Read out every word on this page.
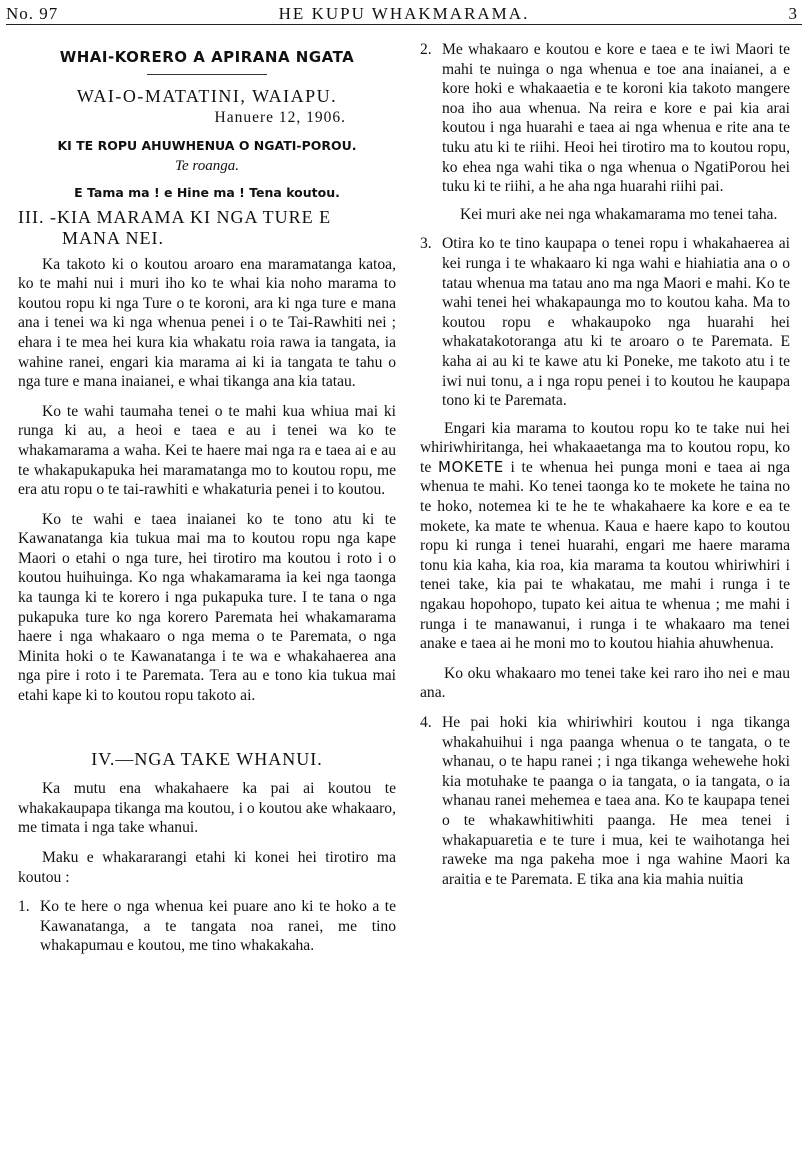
No. 97	HE KUPU WHAKMARAMA.	3
WHAI-KORERO A APIRANA NGATA
WAI-O-MATATINI, WAIAPU.
Hanuere 12, 1906.
KI TE ROPU AHUWHENUA O NGATI-POROU.
Te roanga.
E Tama ma ! e Hine ma ! Tena koutou.
III. -KIA MARAMA KI NGA TURE E
MANA NEI.

Ka takoto ki o koutou aroaro ena maramatanga katoa, ko te mahi nui i muri iho ko te whai kia noho marama to koutou ropu ki nga Ture o te koroni, ara ki nga ture e mana ana i tenei wa ki nga whenua penei i o te Tai-Rawhiti nei ; ehara i te mea hei kura kia whakatu roia rawa ia tangata, ia wahine ranei, engari kia marama ai ki ia tangata te tahu o nga ture e mana inaianei, e whai tikanga ana kia tatau.

Ko te wahi taumaha tenei o te mahi kua whiua mai ki runga ki au, a heoi e taea e au i tenei wa ko te whakamarama a waha. Kei te haere mai nga ra e taea ai e au te whakapukapuka hei maramatanga mo to koutou ropu, me era atu ropu o te tai-rawhiti e whakaturia penei i to koutou.

Ko te wahi e taea inaianei ko te tono atu ki te Kawanatanga kia tukua mai ma to koutou ropu nga kape Maori o etahi o nga ture, hei tirotiro ma koutou i roto i o koutou huihuinga. Ko nga whakamarama ia kei nga taonga ka taunga ki te korero i nga pukapuka ture. I te tana o nga pukapuka ture ko nga korero Paremata hei whakamarama haere i nga whakaaro o nga mema o te Paremata, o nga Minita hoki o te Kawanatanga i te wa e whakahaerea ana nga pire i roto i te Paremata. Tera au e tono kia tukua mai etahi kape ki to koutou ropu takoto ai.

IV.—NGA TAKE WHANUI.

Ka mutu ena whakahaere ka pai ai koutou te whakakaupapa tikanga ma koutou, i o koutou ake whakaaro, me timata i nga take whanui.

Maku e whakararangi etahi ki konei hei tirotiro ma koutou :

1. Ko te here o nga whenua kei puare ano ki te hoko a te Kawanatanga, a te tangata noa ranei, me tino whakapumau e koutou, me tino whakakaha.
2. Me whakaaro e koutou e kore e taea e te iwi Maori te mahi te nuinga o nga whenua e toe ana inaianei, a e kore hoki e whakaaetia e te koroni kia takoto mangere noa iho aua whenua. Na reira e kore e pai kia arai koutou i nga huarahi e taea ai nga whenua e rite ana te tuku atu ki te riihi. Heoi hei tirotiro ma to koutou ropu, ko ehea nga wahi tika o nga whenua o NgatiPorou hei tuku ki te riihi, a he aha nga huarahi riihi pai.

Kei muri ake nei nga whakamarama mo tenei taha.

3. Otira ko te tino kaupapa o tenei ropu i whakahaerea ai kei runga i te whakaaro ki nga wahi e hiahiatia ana o o tatau whenua ma tatau ano ma nga Maori e mahi. Ko te wahi tenei hei whakapaunga mo to koutou kaha. Ma to koutou ropu e whakaupoko nga huarahi hei whakatakotoranga atu ki te aroaro o te Paremata. E kaha ai au ki te kawe atu ki Poneke, me takoto atu i te iwi nui tonu, a i nga ropu penei i to koutou he kaupapa tono ki te Paremata.

Engari kia marama to koutou ropu ko te take nui hei whiriwhiritanga, hei whakaaetanga ma to koutou ropu, ko te MOKETE i te whenua hei punga moni e taea ai nga whenua te mahi. Ko tenei taonga ko te mokete he taina no te hoko, notemea ki te he te whakahaere ka kore e ea te mokete, ka mate te whenua. Kaua e haere kapo to koutou ropu ki runga i tenei huarahi, engari me haere marama tonu kia kaha, kia roa, kia marama ta koutou whiriwhiri i tenei take, kia pai te whakatau, me mahi i runga i te ngakau hopohopo, tupato kei aitua te whenua ; me mahi i runga i te manawanui, i runga i te whakaaro ma tenei anake e taea ai he moni mo to koutou hiahia ahuwhenua.

Ko oku whakaaro mo tenei take kei raro iho nei e mau ana.

4. He pai hoki kia whiriwhiri koutou i nga tikanga whakahuihui i nga paanga whenua o te tangata, o te whanau, o te hapu ranei ; i nga tikanga wehewehe hoki kia motuhake te paanga o ia tangata, o ia tangata, o ia whanau ranei mehemea e taea ana. Ko te kaupapa tenei o te whakawhitiwhiti paanga. He mea tenei i whakapuaretia e te ture i mua, kei te waihotanga hei raweke ma nga pakeha moe i nga wahine Maori ka araitia e te Paremata. E tika ana kia mahia nuitia
